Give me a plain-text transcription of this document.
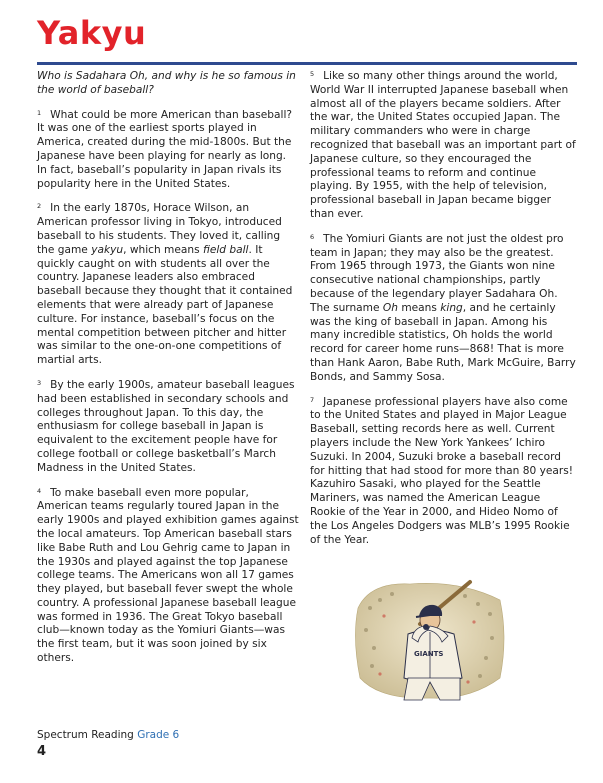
Yakyu

Who is Sadahara Oh, and why is he so famous in the world of baseball?

$^1$ What could be more American than baseball? It was one of the earliest sports played in America, created during the mid-1800s. But the Japanese have been playing for nearly as long. In fact, baseball’s popularity in Japan rivals its popularity here in the United States.

$^2$ In the early 1870s, Horace Wilson, an American professor living in Tokyo, introduced baseball to his students. They loved it, calling the game yakyu, which means field ball. It quickly caught on with students all over the country. Japanese leaders also embraced baseball because they thought that it contained elements that were already part of Japanese culture. For instance, baseball’s focus on the mental competition between pitcher and hitter was similar to the one-on-one competitions of martial arts.

$^3$ By the early 1900s, amateur baseball leagues had been established in secondary schools and colleges throughout Japan. To this day, the enthusiasm for college baseball in Japan is equivalent to the excitement people have for college football or college basketball’s March Madness in the United States.

$^4$ To make baseball even more popular, American teams regularly toured Japan in the early 1900s and played exhibition games against the local amateurs. Top American baseball stars like Babe Ruth and Lou Gehrig came to Japan in the 1930s and played against the top Japanese college teams. The Americans won all 17 games they played, but baseball fever swept the whole country. A professional Japanese baseball league was formed in 1936. The Great Tokyo baseball club—known today as the Yomiuri Giants—was the first team, but it was soon joined by six others.

$^5$ Like so many other things around the world, World War II interrupted Japanese baseball when almost all of the players became soldiers. After the war, the United States occupied Japan. The military commanders who were in charge recognized that baseball was an important part of Japanese culture, so they encouraged the professional teams to reform and continue playing. By 1955, with the help of television, professional baseball in Japan became bigger than ever.

$^6$ The Yomiuri Giants are not just the oldest pro team in Japan; they may also be the greatest. From 1965 through 1973, the Giants won nine consecutive national championships, partly because of the legendary player Sadahara Oh. The surname Oh means king, and he certainly was the king of baseball in Japan. Among his many incredible statistics, Oh holds the world record for career home runs—868! That is more than Hank Aaron, Babe Ruth, Mark McGuire, Barry Bonds, and Sammy Sosa.

$^7$ Japanese professional players have also come to the United States and played in Major League Baseball, setting records here as well. Current players include the New York Yankees’ Ichiro Suzuki. In 2004, Suzuki broke a baseball record for hitting that had stood for more than 80 years! Kazuhiro Sasaki, who played for the Seattle Mariners, was named the American League Rookie of the Year in 2000, and Hideo Nomo of the Los Angeles Dodgers was MLB’s 1995 Rookie of the Year.

GIANTS
Spectrum Reading Grade 6
4
